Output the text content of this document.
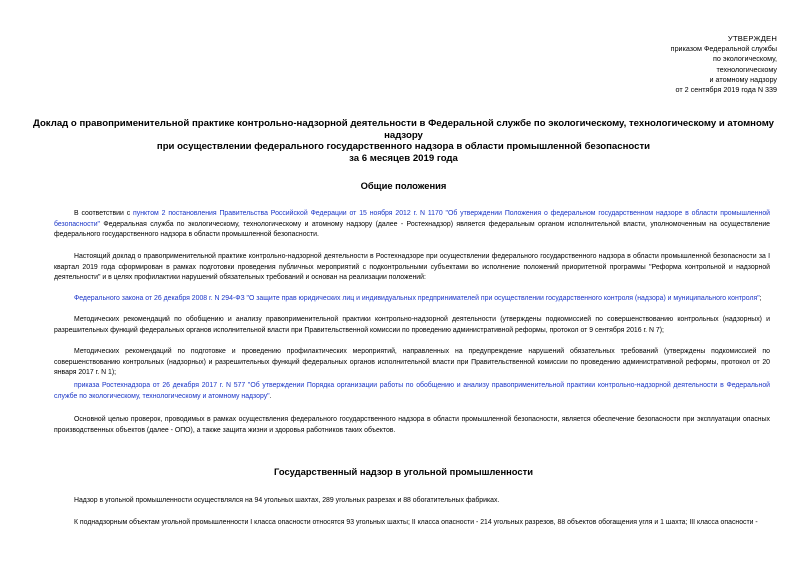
УТВЕРЖДЕН
приказом Федеральной службы
по экологическому,
технологическому
и атомному надзору
от 2 сентября 2019 года N 339
Доклад о правоприменительной практике контрольно-надзорной деятельности в Федеральной службе по экологическому, технологическому и атомному надзору
при осуществлении федерального государственного надзора в области промышленной безопасности
за 6 месяцев 2019 года
Общие положения
В соответствии с пунктом 2 постановления Правительства Российской Федерации от 15 ноября 2012 г. N 1170 "Об утверждении Положения о федеральном государственном надзоре в области промышленной безопасности" Федеральная служба по экологическому, технологическому и атомному надзору (далее - Ростехнадзор) является федеральным органом исполнительной власти, уполномоченным на осуществление федерального государственного надзора в области промышленной безопасности.
Настоящий доклад о правоприменительной практике контрольно-надзорной деятельности в Ростехнадзоре при осуществлении федерального государственного надзора в области промышленной безопасности за I квартал 2019 года сформирован в рамках подготовки проведения публичных мероприятий с подконтрольными субъектами во исполнение положений приоритетной программы "Реформа контрольной и надзорной деятельности" и в целях профилактики нарушений обязательных требований и основан на реализации положений:
Федерального закона от 26 декабря 2008 г. N 294-ФЗ "О защите прав юридических лиц и индивидуальных предпринимателей при осуществлении государственного контроля (надзора) и муниципального контроля";
Методических рекомендаций по обобщению и анализу правоприменительной практики контрольно-надзорной деятельности (утверждены подкомиссией по совершенствованию контрольных (надзорных) и разрешительных функций федеральных органов исполнительной власти при Правительственной комиссии по проведению административной реформы, протокол от 9 сентября 2016 г. N 7);
Методических рекомендаций по подготовке и проведению профилактических мероприятий, направленных на предупреждение нарушений обязательных требований (утверждены подкомиссией по совершенствованию контрольных (надзорных) и разрешительных функций федеральных органов исполнительной власти при Правительственной комиссии по проведению административной реформы, протокол от 20 января 2017 г. N 1);
приказа Ростехнадзора от 26 декабря 2017 г. N 577 "Об утверждении Порядка организации работы по обобщению и анализу правоприменительной практики контрольно-надзорной деятельности в Федеральной службе по экологическому, технологическому и атомному надзору".
Основной целью проверок, проводимых в рамках осуществления федерального государственного надзора в области промышленной безопасности, является обеспечение безопасности при эксплуатации опасных производственных объектов (далее - ОПО), а также защита жизни и здоровья работников таких объектов.
Государственный надзор в угольной промышленности
Надзор в угольной промышленности осуществлялся на 94 угольных шахтах, 289 угольных разрезах и 88 обогатительных фабриках.
К поднадзорным объектам угольной промышленности I класса опасности относятся 93 угольных шахты; II класса опасности - 214 угольных разрезов, 88 объектов обогащения угля и 1 шахта; III класса опасности -
